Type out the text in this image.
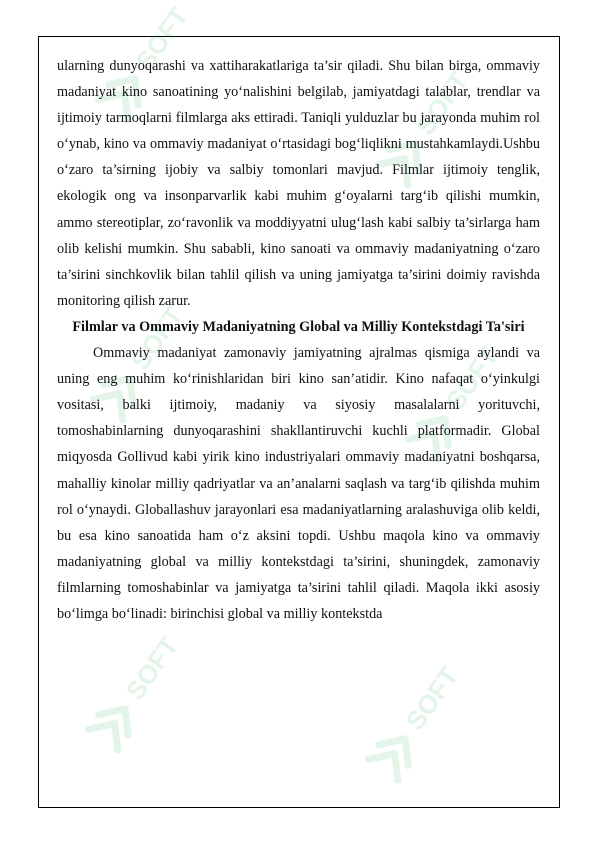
SOFT
SOFT
SOFT
SOFT
SOFT
SOFT

ularning dunyoqarashi va xattiharakatlariga ta’sir qiladi. Shu bilan birga, ommaviy madaniyat kino sanoatining yo‘nalishini belgilab, jamiyatdagi talablar, trendlar va ijtimoiy tarmoqlarni filmlarga aks ettiradi. Taniqli yulduzlar bu jarayonda muhim rol o‘ynab, kino va ommaviy madaniyat o‘rtasidagi bog‘liqlikni mustahkamlaydi.Ushbu o‘zaro ta’sirning ijobiy va salbiy tomonlari mavjud. Filmlar ijtimoiy tenglik, ekologik ong va insonparvarlik kabi muhim g‘oyalarni targ‘ib qilishi mumkin, ammo stereotiplar, zo‘ravonlik va moddiyyatni ulug‘lash kabi salbiy ta’sirlarga ham olib kelishi mumkin. Shu sababli, kino sanoati va ommaviy madaniyatning o‘zaro ta’sirini sinchkovlik bilan tahlil qilish va uning jamiyatga ta’sirini doimiy ravishda monitoring qilish zarur.

Filmlar va Ommaviy Madaniyatning Global va Milliy Kontekstdagi Ta'siri

Ommaviy madaniyat zamonaviy jamiyatning ajralmas qismiga aylandi va uning eng muhim ko‘rinishlaridan biri kino san’atidir. Kino nafaqat o‘yinkulgi vositasi, balki ijtimoiy, madaniy va siyosiy masalalarni yorituvchi, tomoshabinlarning dunyoqarashini shakllantiruvchi kuchli platformadir. Global miqyosda Gollivud kabi yirik kino industriyalari ommaviy madaniyatni boshqarsa, mahalliy kinolar milliy qadriyatlar va an’analarni saqlash va targ‘ib qilishda muhim rol o‘ynaydi. Globallashuv jarayonlari esa madaniyatlarning aralashuviga olib keldi, bu esa kino sanoatida ham o‘z aksini topdi. Ushbu maqola kino va ommaviy madaniyatning global va milliy kontekstdagi ta’sirini, shuningdek, zamonaviy filmlarning tomoshabinlar va jamiyatga ta’sirini tahlil qiladi. Maqola ikki asosiy bo‘limga bo‘linadi: birinchisi global va milliy kontekstda
